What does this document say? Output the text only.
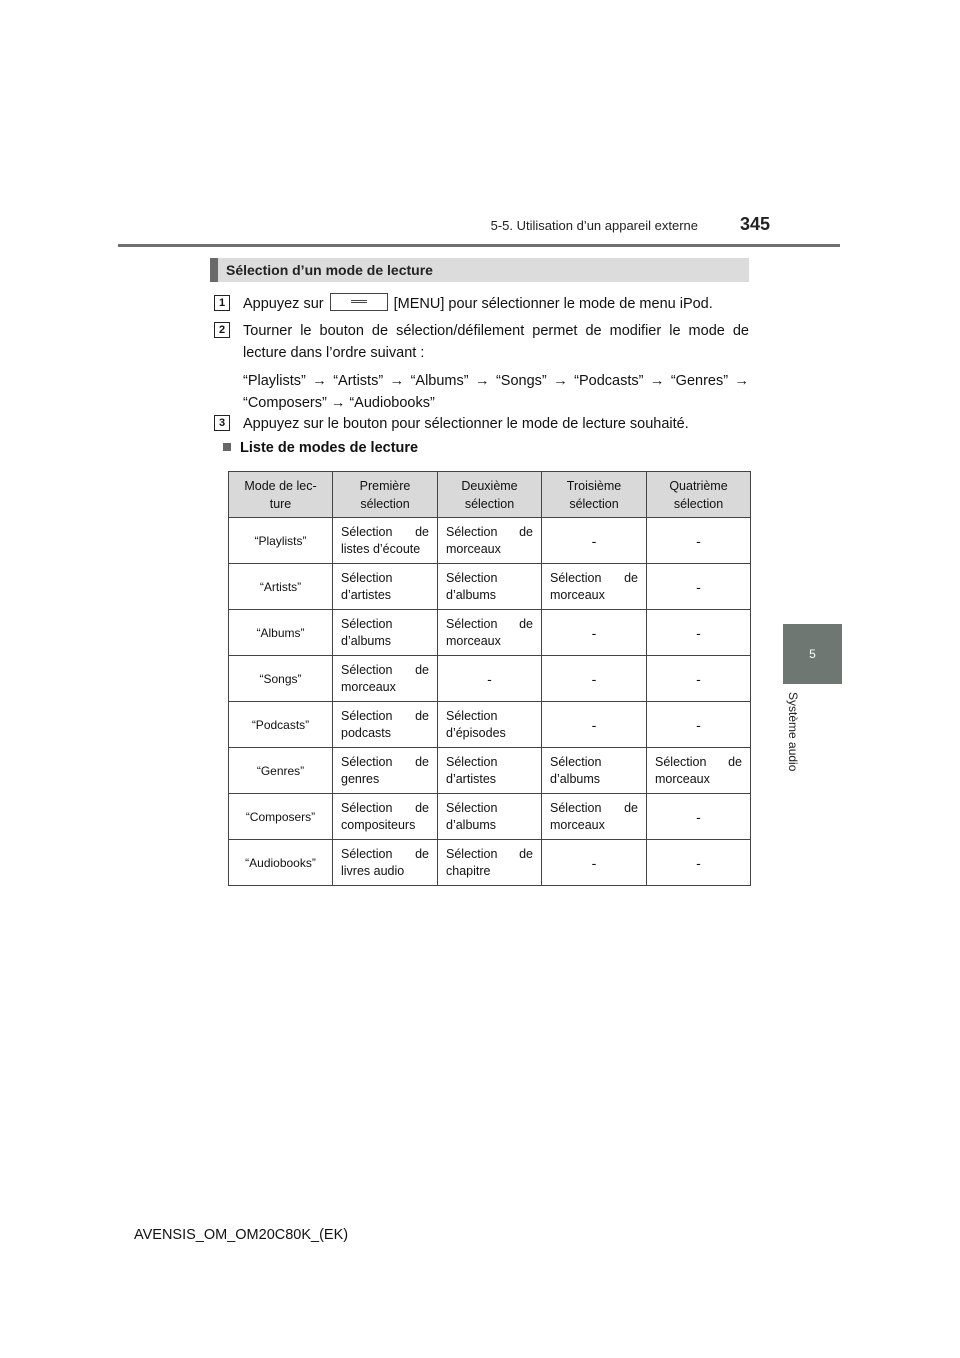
5-5. Utilisation d’un appareil externe 345
5
Système audio
Sélection d’un mode de lecture
1	Appuyez sur	[MENU] pour sélectionner le mode de menu iPod.
2	Tourner le bouton de sélection/défilement permet de modifier le mode de lecture dans l’ordre suivant :
“Playlists” → “Artists” → “Albums” → “Songs” → “Podcasts” → “Genres” → “Composers” → “Audiobooks”
3	Appuyez sur le bouton pour sélectionner le mode de lecture souhaité.
Liste de modes de lecture
Mode de lec-ture	Première sélection	Deuxième sélection	Troisième sélection	Quatrième sélection
“Playlists”	Sélection de listes d’écoute	Sélection de morceaux	-	-
“Artists”	Sélection d’artistes	Sélection d’albums	Sélection de morceaux	-
“Albums”	Sélection d’albums	Sélection de morceaux	-	-
“Songs”	Sélection de morceaux	-	-	-
“Podcasts”	Sélection de podcasts	Sélection d’épisodes	-	-
“Genres”	Sélection de genres	Sélection d’artistes	Sélection d’albums	Sélection de morceaux
“Composers”	Sélection de compositeurs	Sélection d’albums	Sélection de morceaux	-
“Audiobooks”	Sélection de livres audio	Sélection de chapitre	-	-
AVENSIS_OM_OM20C80K_(EK)
